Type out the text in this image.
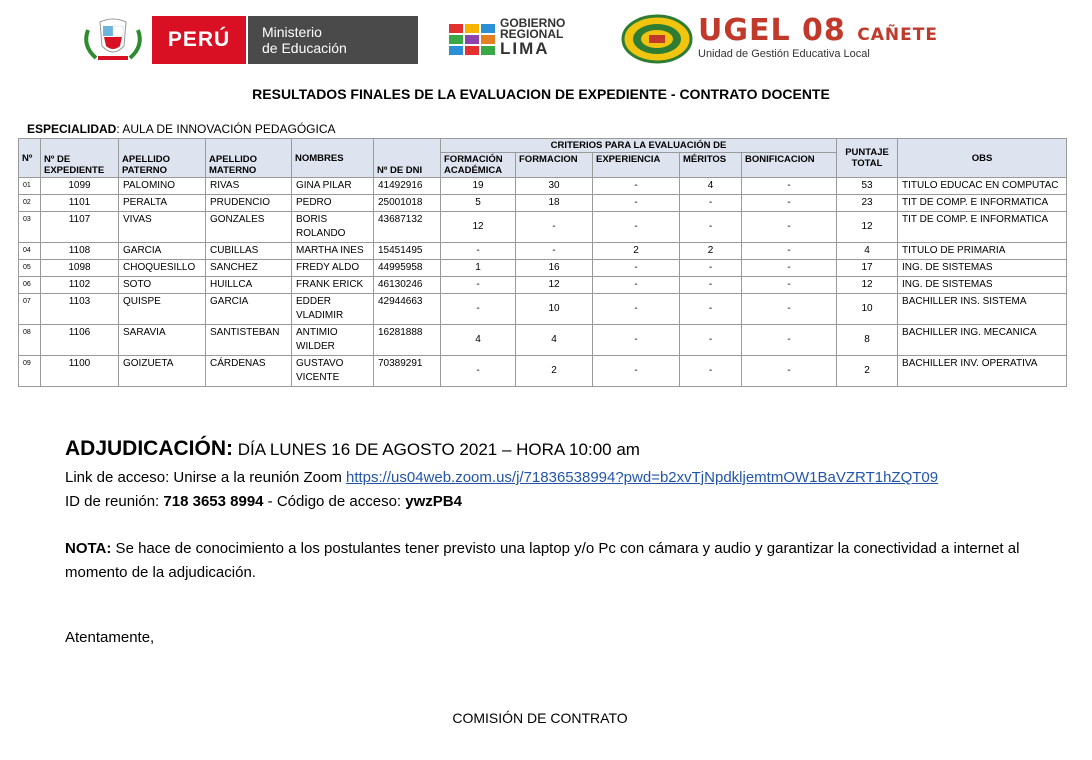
PERÚ	Ministerio
de Educación
GOBIERNO
REGIONAL
LIMA
UGEL 08 CAÑETE
Unidad de Gestión Educativa Local
RESULTADOS FINALES DE LA EVALUACION DE EXPEDIENTE - CONTRATO DOCENTE
ESPECIALIDAD: AULA DE INNOVACIÓN PEDAGÓGICA
Nº	Nº DE EXPEDIENTE	APELLIDO PATERNO	APELLIDO MATERNO	NOMBRES	Nº DE DNI	CRITERIOS PARA LA EVALUACIÓN DE					PUNTAJE TOTAL	OBS
						FORMACIÓN ACADÉMICA	FORMACION	EXPERIENCIA	MÉRITOS	BONIFICACION		
01	1099	PALOMINO	RIVAS	GINA PILAR	41492916	19	30	-	4	-	53	TITULO EDUCAC EN COMPUTAC
02	1101	PERALTA	PRUDENCIO	PEDRO	25001018	5	18	-	-	-	23	TIT DE COMP. E INFORMATICA
03	1107	VIVAS	GONZALES	BORIS ROLANDO	43687132	12	-	-	-	-	12	TIT DE COMP. E INFORMATICA
04	1108	GARCIA	CUBILLAS	MARTHA INES	15451495	-	-	2	2	-	4	TITULO DE PRIMARIA
05	1098	CHOQUESILLO	SANCHEZ	FREDY ALDO	44995958	1	16	-	-	-	17	ING. DE SISTEMAS
06	1102	SOTO	HUILLCA	FRANK ERICK	46130246	-	12	-	-	-	12	ING. DE SISTEMAS
07	1103	QUISPE	GARCIA	EDDER VLADIMIR	42944663	-	10	-	-	-	10	BACHILLER INS. SISTEMA
08	1106	SARAVIA	SANTISTEBAN	ANTIMIO WILDER	16281888	4	4	-	-	-	8	BACHILLER ING. MECANICA
09	1100	GOIZUETA	CÁRDENAS	GUSTAVO VICENTE	70389291	-	2	-	-	-	2	BACHILLER INV. OPERATIVA
ADJUDICACIÓN: DÍA LUNES 16 DE AGOSTO 2021 – HORA 10:00 am
Link de acceso: Unirse a la reunión Zoom https://us04web.zoom.us/j/71836538994?pwd=b2xvTjNpdkljemtmOW1BaVZRT1hZQT09
ID de reunión: 718 3653 8994 - Código de acceso: ywzPB4
NOTA: Se hace de conocimiento a los postulantes tener previsto una laptop y/o Pc con cámara y audio y garantizar la conectividad a internet al momento de la adjudicación.
Atentamente,
COMISIÓN DE CONTRATO
